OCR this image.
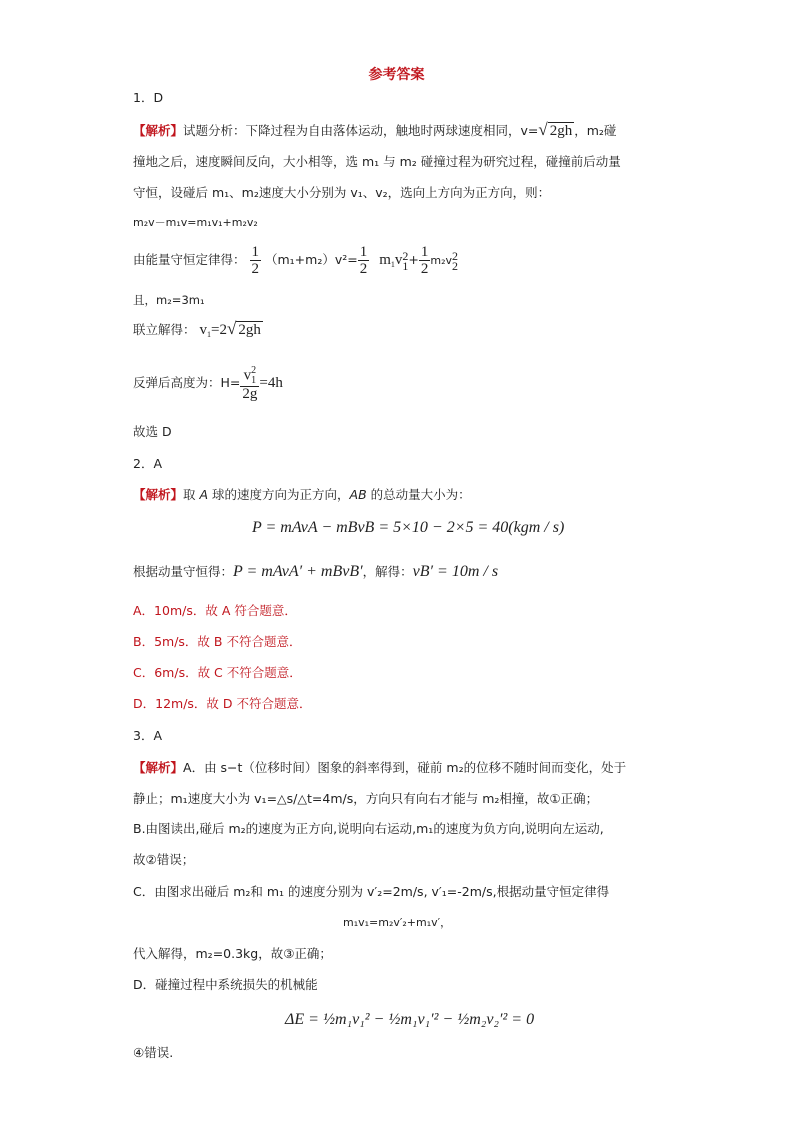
参考答案
1．D
【解析】试题分析：下降过程为自由落体运动，触地时两球速度相同，v=√ 2gh ，m₂碰
撞地之后，速度瞬间反向，大小相等，选 m₁ 与 m₂ 碰撞过程为研究过程，碰撞前后动量
守恒，设碰后 m₁、m₂速度大小分别为 v₁、v₂，选向上方向为正方向，则：
m₂v－m₁v=m₁v₁+m₂v₂
由能量守恒定律得： $\frac{1}{2} (m_1+m_2)v^2= \frac{1}{2} m_1v$ 2
$1 + \frac{1}{2} m_2v$ 2
2
且，m₂=3m₁
联立解得： $v_1=2√$ 2gh
反弹后高度为：H= v 2
1
2g =4h
故选 D
2．A
【解析】取 A 球的速度方向为正方向，AB 的总动量大小为：
P = mAvA − mBvB = 5×10 − 2×5 = 40(kgm / s)
根据动量守恒得：P = mAvA′ + mBvB′，解得：vB′ = 10m / s
A．10m/s．故 A 符合题意．
B．5m/s．故 B 不符合题意．
C．6m/s．故 C 不符合题意．
D．12m/s．故 D 不符合题意．
3．A
【解析】A．由 s−t（位移时间）图象的斜率得到，碰前 m₂的位移不随时间而变化，处于
静止；m₁速度大小为 v₁=△s/△t=4m/s，方向只有向右才能与 m₂相撞，故①正确；
B.由图读出,碰后 m₂的速度为正方向,说明向右运动,m₁的速度为负方向,说明向左运动,
故②错误；
C．由图求出碰后 m₂和 m₁ 的速度分别为 v′₂=2m/s, v′₁=-2m/s,根据动量守恒定律得
m₁v₁=m₂v′₂+m₁v′，
代入解得，m₂=0.3kg，故③正确；
D．碰撞过程中系统损失的机械能
ΔE = ½m₁v₁² − ½m₁v₁′² − ½m₂v₂′² = 0
④错误.
